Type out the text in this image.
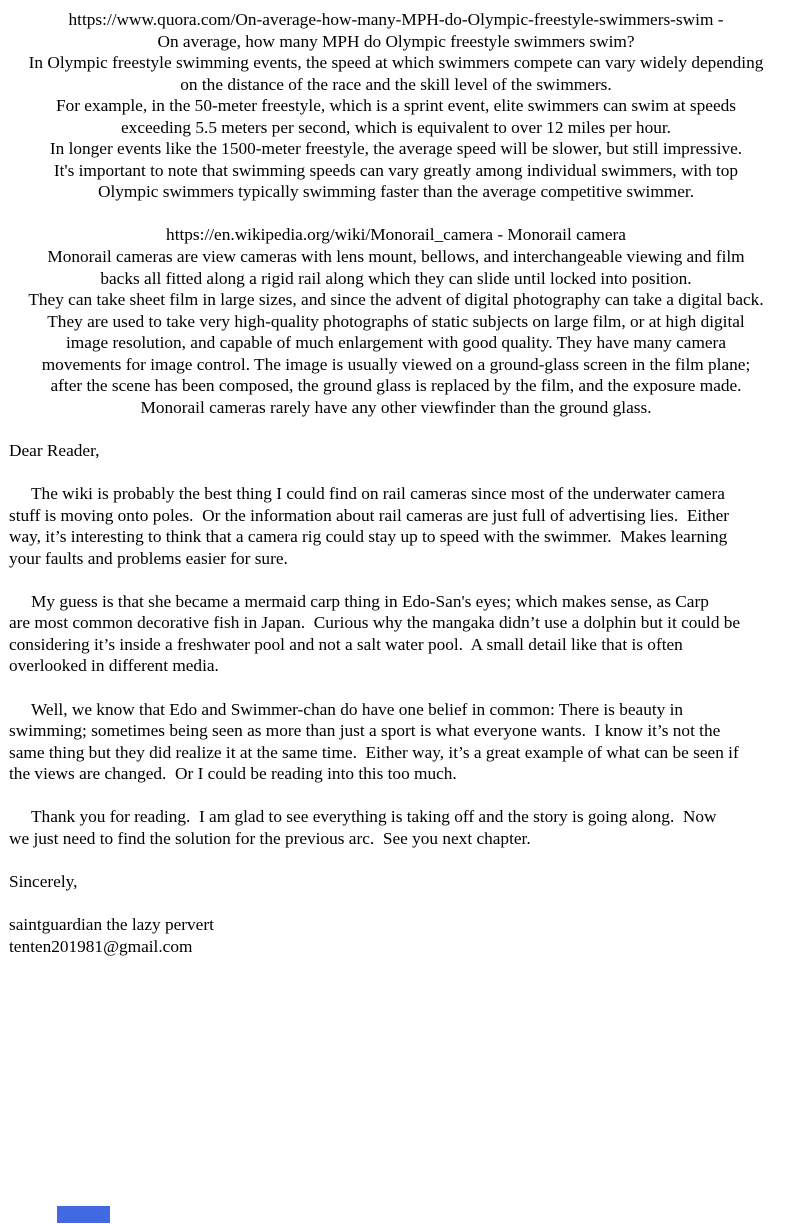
https://www.quora.com/On-average-how-many-MPH-do-Olympic-freestyle-swimmers-swim -
On average, how many MPH do Olympic freestyle swimmers swim?
In Olympic freestyle swimming events, the speed at which swimmers compete can vary widely depending
on the distance of the race and the skill level of the swimmers.
For example, in the 50-meter freestyle, which is a sprint event, elite swimmers can swim at speeds
exceeding 5.5 meters per second, which is equivalent to over 12 miles per hour.
In longer events like the 1500-meter freestyle, the average speed will be slower, but still impressive.
It's important to note that swimming speeds can vary greatly among individual swimmers, with top
Olympic swimmers typically swimming faster than the average competitive swimmer.
https://en.wikipedia.org/wiki/Monorail_camera - Monorail camera
Monorail cameras are view cameras with lens mount, bellows, and interchangeable viewing and film
backs all fitted along a rigid rail along which they can slide until locked into position.
They can take sheet film in large sizes, and since the advent of digital photography can take a digital back.
They are used to take very high-quality photographs of static subjects on large film, or at high digital
image resolution, and capable of much enlargement with good quality. They have many camera
movements for image control. The image is usually viewed on a ground-glass screen in the film plane;
after the scene has been composed, the ground glass is replaced by the film, and the exposure made.
Monorail cameras rarely have any other viewfinder than the ground glass.
Dear Reader,
The wiki is probably the best thing I could find on rail cameras since most of the underwater camera
stuff is moving onto poles.  Or the information about rail cameras are just full of advertising lies.  Either
way, it’s interesting to think that a camera rig could stay up to speed with the swimmer.  Makes learning
your faults and problems easier for sure.
My guess is that she became a mermaid carp thing in Edo-San's eyes; which makes sense, as Carp
are most common decorative fish in Japan.  Curious why the mangaka didn’t use a dolphin but it could be
considering it’s inside a freshwater pool and not a salt water pool.  A small detail like that is often
overlooked in different media.
Well, we know that Edo and Swimmer-chan do have one belief in common: There is beauty in
swimming; sometimes being seen as more than just a sport is what everyone wants.  I know it’s not the
same thing but they did realize it at the same time.  Either way, it’s a great example of what can be seen if
the views are changed.  Or I could be reading into this too much.
Thank you for reading.  I am glad to see everything is taking off and the story is going along.  Now
we just need to find the solution for the previous arc.  See you next chapter.
Sincerely,
saintguardian the lazy pervert
tenten201981@gmail.com
